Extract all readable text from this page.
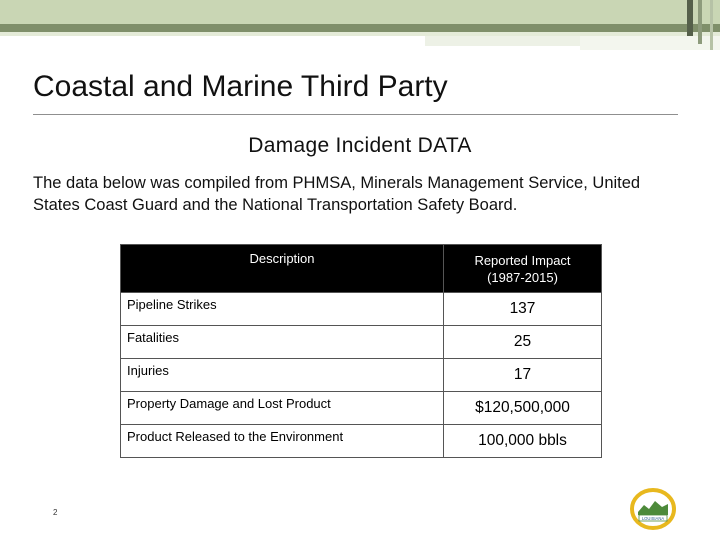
Coastal and Marine Third Party
Damage Incident DATA
The data below was compiled from PHMSA, Minerals Management Service, United States Coast Guard and the National Transportation Safety Board.
Description	Reported Impact
(1987-2015)

Pipeline Strikes	137
Fatalities	25
Injuries	17
Property Damage and Lost Product	$120,500,000
Product Released to the Environment	100,000 bbls
2
LOUISIANA
